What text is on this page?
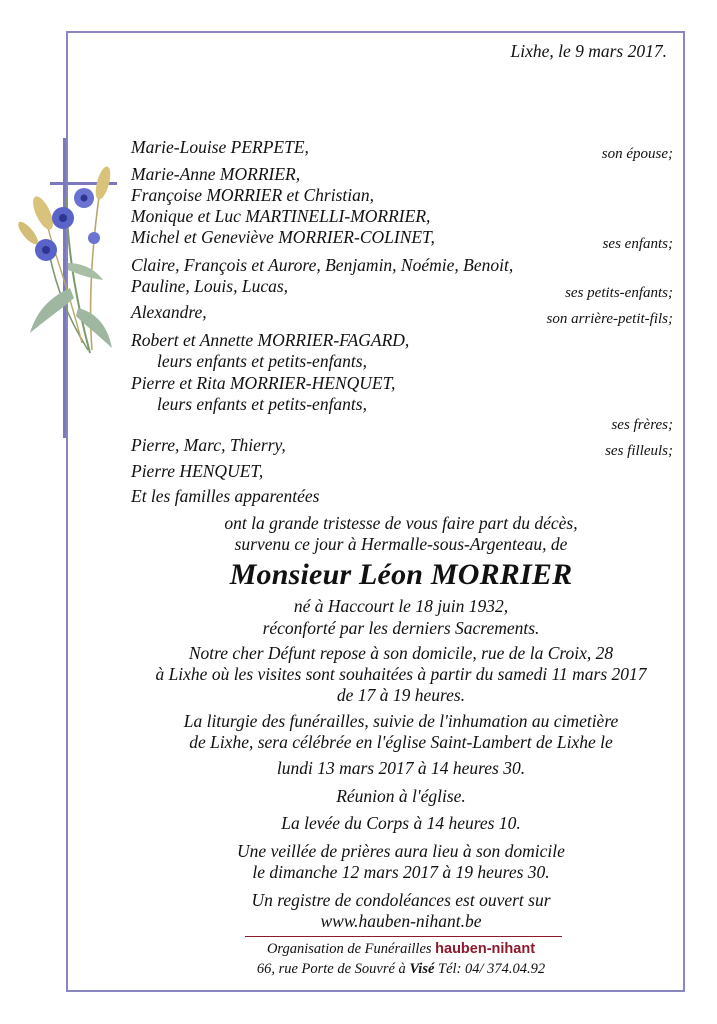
Lixhe, le 9 mars 2017.
Marie-Louise PERPETE,
Marie-Anne MORRIER,
Françoise MORRIER et Christian,
Monique et Luc MARTINELLI-MORRIER,
Michel et Geneviève MORRIER-COLINET,
Claire, François et Aurore, Benjamin, Noémie, Benoit,
Pauline, Louis, Lucas,
Alexandre,
Robert et Annette MORRIER-FAGARD,
leurs enfants et petits-enfants,
Pierre et Rita MORRIER-HENQUET,
leurs enfants et petits-enfants,
Pierre, Marc, Thierry,
Pierre HENQUET,
Et les familles apparentées
son épouse;
ses enfants;
ses petits-enfants;
son arrière-petit-fils;
ses frères;
ses filleuls;
ont la grande tristesse de vous faire part du décès,
survenu ce jour à Hermalle-sous-Argenteau, de
Monsieur Léon MORRIER
né à Haccourt le 18 juin 1932,
réconforté par les derniers Sacrements.
Notre cher Défunt repose à son domicile, rue de la Croix, 28
à Lixhe où les visites sont souhaitées à partir du samedi 11 mars 2017
de 17 à 19 heures.
La liturgie des funérailles, suivie de l'inhumation au cimetière
de Lixhe, sera célébrée en l'église Saint-Lambert de Lixhe le
lundi 13 mars 2017 à 14 heures 30.
Réunion à l'église.
La levée du Corps à 14 heures 10.
Une veillée de prières aura lieu à son domicile
le dimanche 12 mars 2017 à 19 heures 30.
Un registre de condoléances est ouvert sur
www.hauben-nihant.be
Organisation de Funérailles hauben-nihant
66, rue Porte de Souvré à Visé Tél: 04/ 374.04.92
